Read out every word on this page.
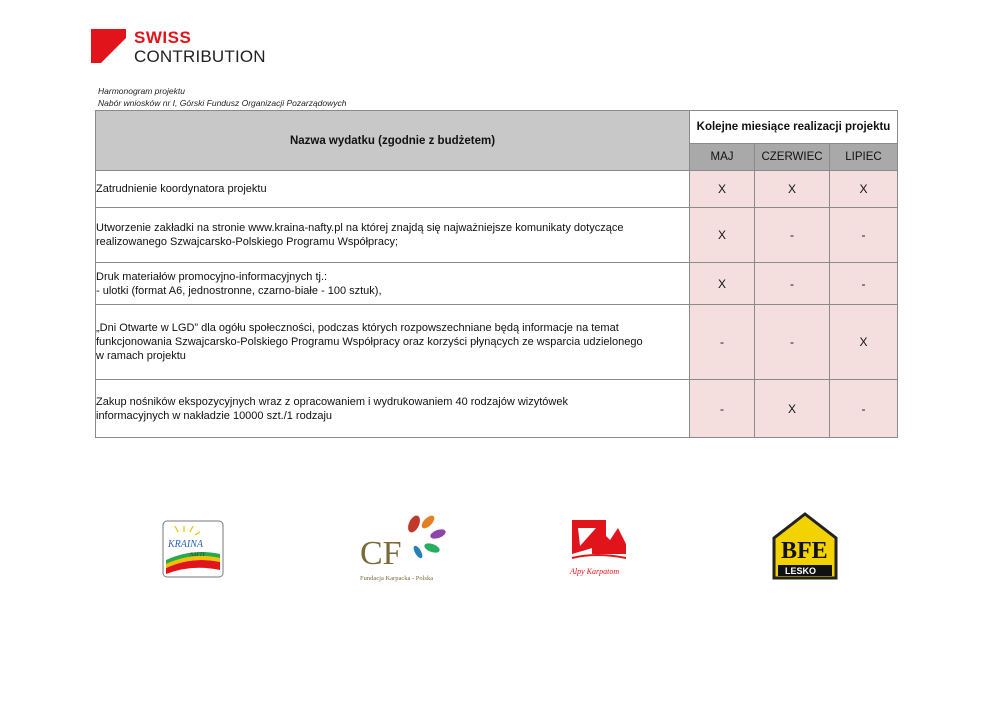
SWISS
CONTRIBUTION
Harmonogram projektu
Nabór wniosków nr I, Górski Fundusz Organizacji Pozarządowych
Nazwa wydatku (zgodnie z budżetem)	Kolejne miesiące realizacji projektu		
	MAJ	CZERWIEC	LIPIEC

Zatrudnienie koordynatora projektu	X	X	X

Utworzenie zakładki na stronie www.kraina-nafty.pl na której znajdą się najważniejsze komunikaty dotyczące
realizowanego Szwajcarsko-Polskiego Programu Współpracy;	X	-	-

Druk materiałów promocyjno-informacyjnych tj.:
- ulotki (format A6, jednostronne, czarno-białe - 100 sztuk),	X	-	-

„Dni Otwarte w LGD” dla ogółu społeczności, podczas których rozpowszechniane będą informacje na temat
funkcjonowania Szwajcarsko-Polskiego Programu Współpracy oraz korzyści płynących ze wsparcia udzielonego
w ramach projektu	-	-	X

Zakup nośników ekspozycyjnych wraz z opracowaniem i wydrukowaniem 40 rodzajów wizytówek
informacyjnych w nakładzie 10000 szt./1 rodzaju	-	X	-
KRAINA
NAFTY	CF
Fundacja Karpacka - Polska
Alpy Karpatom
BFE
LESKO
